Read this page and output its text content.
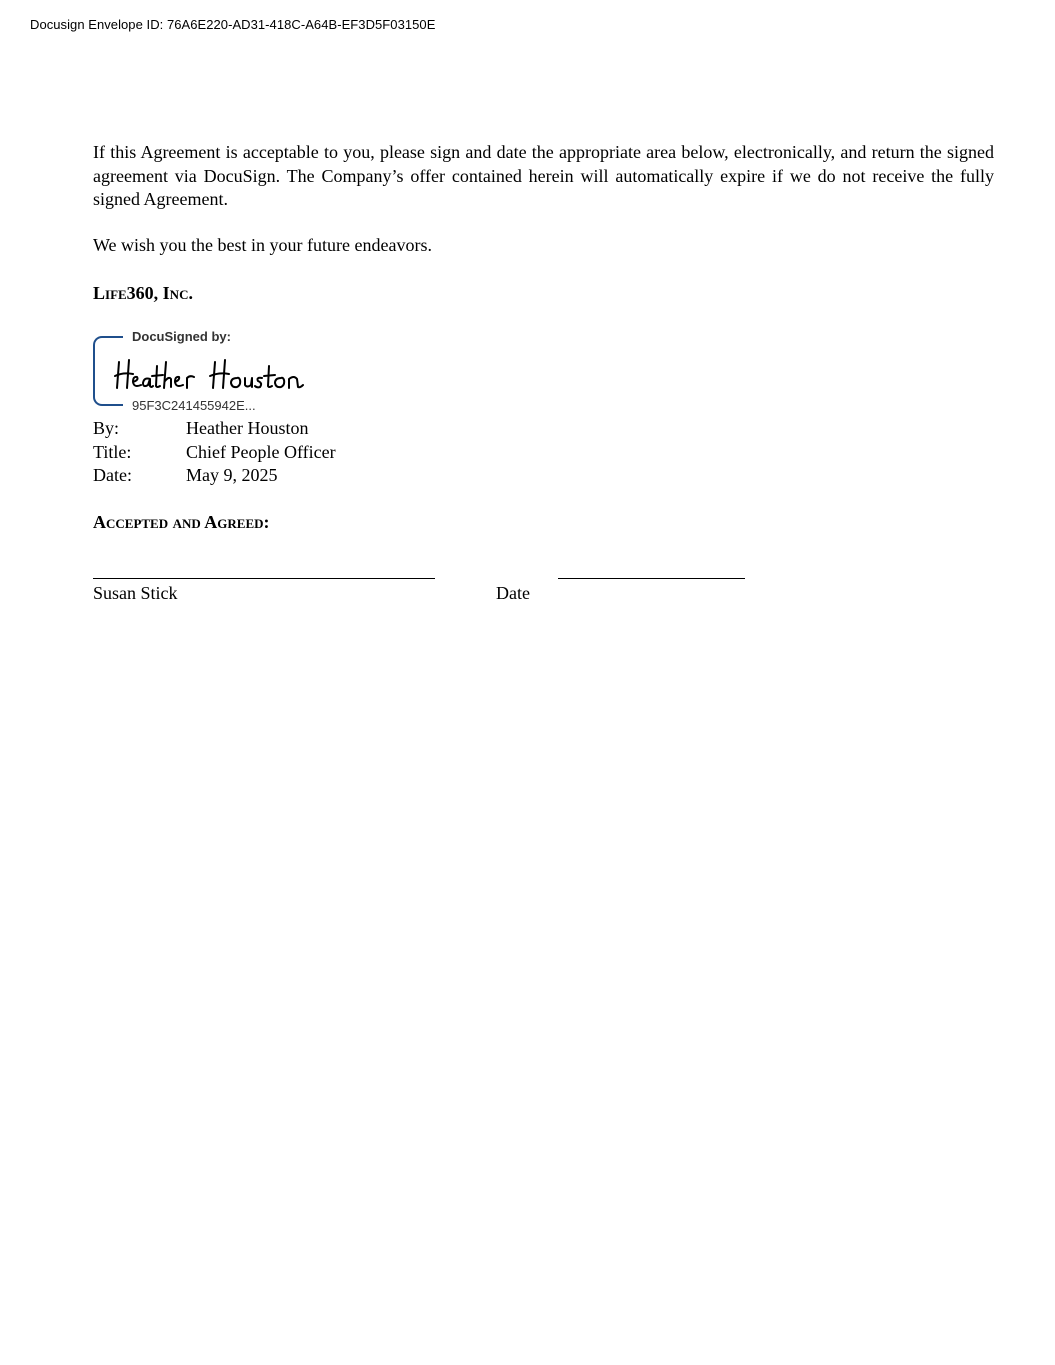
Docusign Envelope ID: 76A6E220-AD31-418C-A64B-EF3D5F03150E

If this Agreement is acceptable to you, please sign and date the appropriate area below, electronically, and return the signed agreement via DocuSign. The Company’s offer contained herein will automatically expire if we do not receive the fully signed Agreement.

We wish you the best in your future endeavors.

Life360, Inc.
DocuSigned by:
95F3C241455942E...
By:	Heather Houston
Title:	Chief People Officer
Date:	May 9, 2025
Accepted and Agreed:
Susan Stick	Date
